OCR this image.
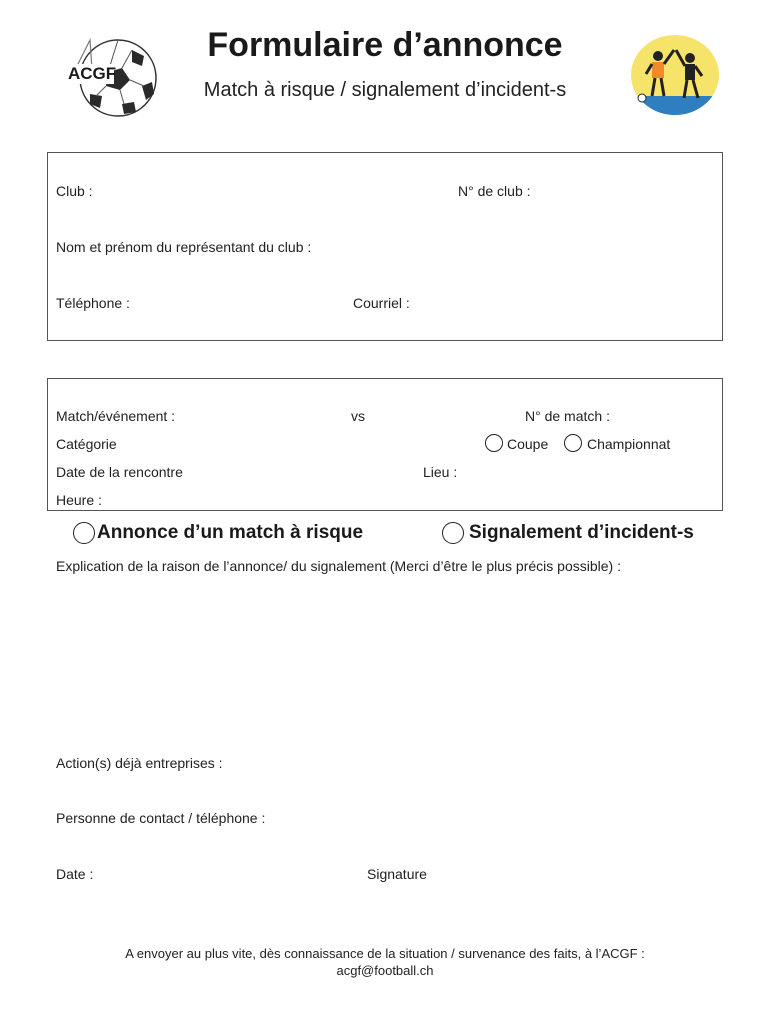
ACGF
Formulaire d’annonce
Match à risque / signalement d’incident-s
Club :	N° de club :
Nom et prénom du représentant du club :
Téléphone :	Courriel :
Match/événement :	vs	N° de match :
Catégorie	Coupe	Championnat
Date de la rencontre	Lieu :
Heure :
Annonce d’un match à risque	Signalement d’incident-s
Explication de la raison de l’annonce/ du signalement (Merci d’être le plus précis possible) :
Action(s) déjà entreprises :
Personne de contact / téléphone :
Date :	Signature
A envoyer au plus vite, dès connaissance de la situation / survenance des faits, à l’ACGF :
acgf@football.ch
